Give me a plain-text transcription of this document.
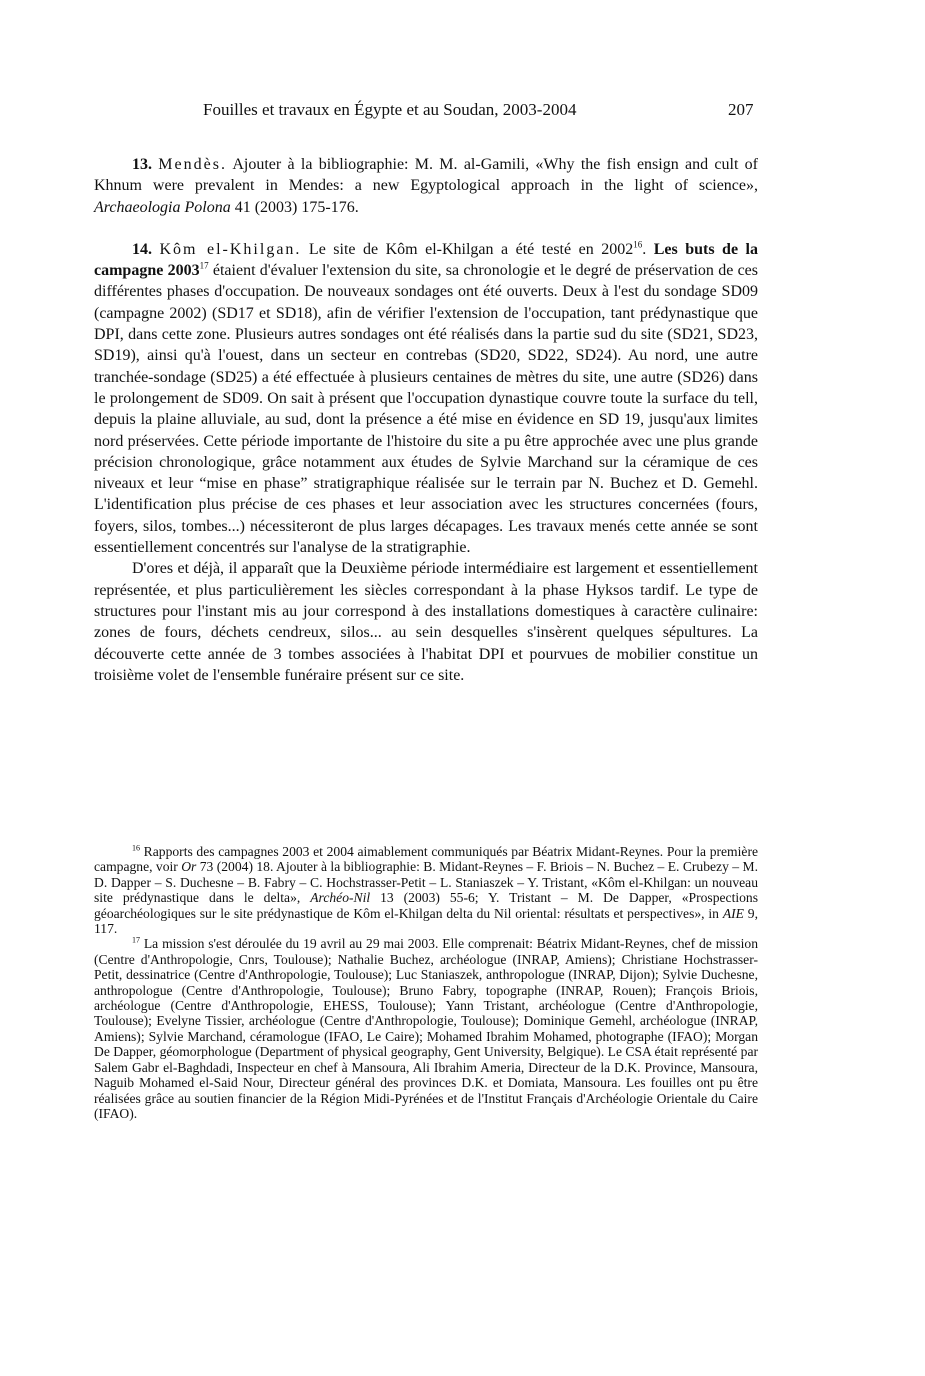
Fouilles et travaux en Égypte et au Soudan, 2003-2004	207

13. Mendès. Ajouter à la bibliographie: M. M. al-Gamili, «Why the fish ensign and cult of Khnum were prevalent in Mendes: a new Egyptological approach in the light of science», Archaeologia Polona 41 (2003) 175-176.

14. Kôm el-Khilgan. Le site de Kôm el-Khilgan a été testé en 2002$^{16}$. Les buts de la campagne 2003$^{17}$ étaient d'évaluer l'extension du site, sa chronologie et le degré de préservation de ces différentes phases d'occupation. De nouveaux sondages ont été ouverts. Deux à l'est du sondage SD09 (campagne 2002) (SD17 et SD18), afin de vérifier l'extension de l'occupation, tant prédynastique que DPI, dans cette zone. Plusieurs autres sondages ont été réalisés dans la partie sud du site (SD21, SD23, SD19), ainsi qu'à l'ouest, dans un secteur en contrebas (SD20, SD22, SD24). Au nord, une autre tranchée-sondage (SD25) a été effectuée à plusieurs centaines de mètres du site, une autre (SD26) dans le prolongement de SD09. On sait à présent que l'occupation dynastique couvre toute la surface du tell, depuis la plaine alluviale, au sud, dont la présence a été mise en évidence en SD 19, jusqu'aux limites nord préservées. Cette période importante de l'histoire du site a pu être approchée avec une plus grande précision chronologique, grâce notamment aux études de Sylvie Marchand sur la céramique de ces niveaux et leur “mise en phase” stratigraphique réalisée sur le terrain par N. Buchez et D. Gemehl. L'identification plus précise de ces phases et leur association avec les structures concernées (fours, foyers, silos, tombes...) nécessiteront de plus larges décapages. Les travaux menés cette année se sont essentiellement concentrés sur l'analyse de la stratigraphie.

D'ores et déjà, il apparaît que la Deuxième période intermédiaire est largement et essentiellement représentée, et plus particulièrement les siècles correspondant à la phase Hyksos tardif. Le type de structures pour l'instant mis au jour correspond à des installations domestiques à caractère culinaire: zones de fours, déchets cendreux, silos... au sein desquelles s'insèrent quelques sépultures. La découverte cette année de 3 tombes associées à l'habitat DPI et pourvues de mobilier constitue un troisième volet de l'ensemble funéraire présent sur ce site.

$^{16}$ Rapports des campagnes 2003 et 2004 aimablement communiqués par Béatrix Midant-Reynes. Pour la première campagne, voir Or 73 (2004) 18. Ajouter à la bibliographie: B. Midant-Reynes – F. Briois – N. Buchez – E. Crubezy – M. D. Dapper – S. Duchesne – B. Fabry – C. Hochstrasser-Petit – L. Staniaszek – Y. Tristant, «Kôm el-Khilgan: un nouveau site prédynastique dans le delta», Archéo-Nil 13 (2003) 55-6; Y. Tristant – M. De Dapper, «Prospections géoarchéologiques sur le site prédynastique de Kôm el-Khilgan delta du Nil oriental: résultats et perspectives», in AIE 9, 117.

$^{17}$ La mission s'est déroulée du 19 avril au 29 mai 2003. Elle comprenait: Béatrix Midant-Reynes, chef de mission (Centre d'Anthropologie, Cnrs, Toulouse); Nathalie Buchez, archéologue (INRAP, Amiens); Christiane Hochstrasser-Petit, dessinatrice (Centre d'Anthropologie, Toulouse); Luc Staniaszek, anthropologue (INRAP, Dijon); Sylvie Duchesne, anthropologue (Centre d'Anthropologie, Toulouse); Bruno Fabry, topographe (INRAP, Rouen); François Briois, archéologue (Centre d'Anthropologie, EHESS, Toulouse); Yann Tristant, archéologue (Centre d'Anthropologie, Toulouse); Evelyne Tissier, archéologue (Centre d'Anthropologie, Toulouse); Dominique Gemehl, archéologue (INRAP, Amiens); Sylvie Marchand, céramologue (IFAO, Le Caire); Mohamed Ibrahim Mohamed, photographe (IFAO); Morgan De Dapper, géomorphologue (Department of physical geography, Gent University, Belgique). Le CSA était représenté par Salem Gabr el-Baghdadi, Inspecteur en chef à Mansoura, Ali Ibrahim Ameria, Directeur de la D.K. Province, Mansoura, Naguib Mohamed el-Said Nour, Directeur général des provinces D.K. et Domiata, Mansoura. Les fouilles ont pu être réalisées grâce au soutien financier de la Région Midi-Pyrénées et de l'Institut Français d'Archéologie Orientale du Caire (IFAO).
